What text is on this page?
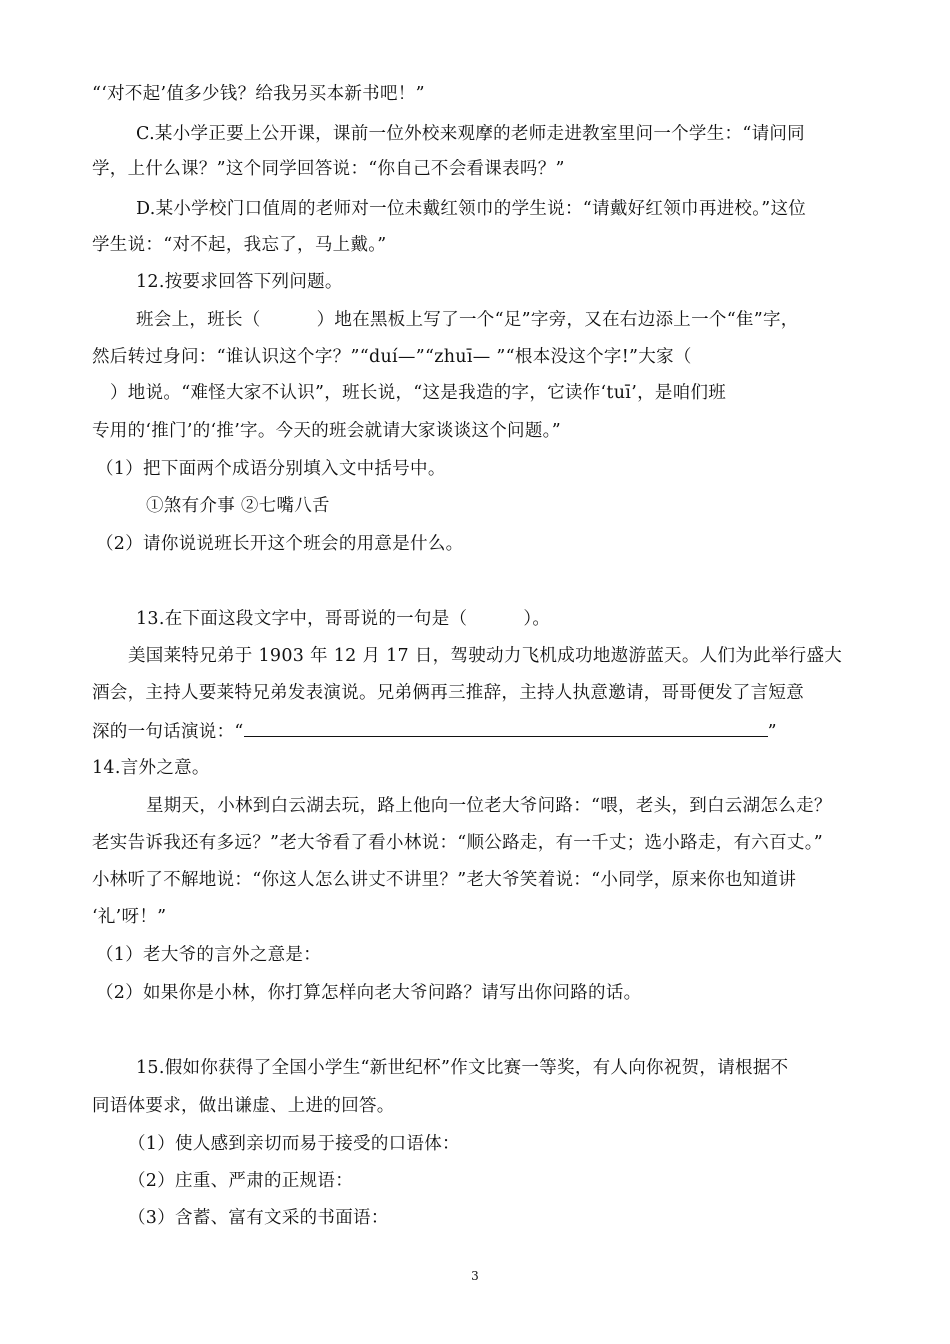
“‘对不起’值多少钱？给我另买本新书吧！”
C.某小学正要上公开课，课前一位外校来观摩的老师走进教室里问一个学生：“请问同
学，上什么课？”这个同学回答说：“你自己不会看课表吗？”
D.某小学校门口值周的老师对一位未戴红领巾的学生说：“请戴好红领巾再进校。”这位
学生说：“对不起，我忘了，马上戴。”
12.按要求回答下列问题。
班会上，班长（	）地在黑板上写了一个“足”字旁，又在右边添上一个“隹”字，
然后转过身问：“谁认识这个字？”“duí—”“zhuī— ”“根本没这个字!”大家（
）地说。“难怪大家不认识”，班长说，“这是我造的字，它读作‘tuī’，是咱们班
专用的‘推门’的‘推’字。今天的班会就请大家谈谈这个问题。”
（1）把下面两个成语分别填入文中括号中。
①煞有介事 ②七嘴八舌
（2）请你说说班长开这个班会的用意是什么。
13.在下面这段文字中，哥哥说的一句是（	）。
美国莱特兄弟于 1903 年 12 月 17 日，驾驶动力飞机成功地遨游蓝天。人们为此举行盛大
酒会，主持人要莱特兄弟发表演说。兄弟俩再三推辞，主持人执意邀请，哥哥便发了言短意
深的一句话演说：“	”
14.言外之意。
星期天，小林到白云湖去玩，路上他向一位老大爷问路：“喂，老头，到白云湖怎么走？
老实告诉我还有多远？”老大爷看了看小林说：“顺公路走，有一千丈；选小路走，有六百丈。”
小林听了不解地说：“你这人怎么讲丈不讲里？”老大爷笑着说：“小同学，原来你也知道讲
‘礼’呀！”
（1）老大爷的言外之意是：
（2）如果你是小林，你打算怎样向老大爷问路？请写出你问路的话。
15.假如你获得了全国小学生“新世纪杯”作文比赛一等奖，有人向你祝贺，请根据不
同语体要求，做出谦虚、上进的回答。
（1）使人感到亲切而易于接受的口语体：
（2）庄重、严肃的正规语：
（3）含蓄、富有文采的书面语：
3
